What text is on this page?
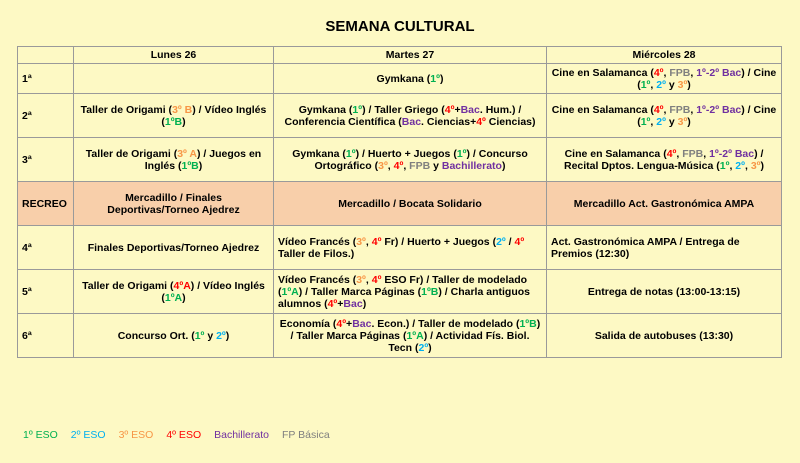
SEMANA CULTURAL
	Lunes 26	Martes 27	Miércoles 28
1ª		Gymkana (1º)	Cine en Salamanca (4º, FPB, 1º-2º Bac) / Cine (1º, 2º y 3º)
2ª	Taller de Origami (3º B) / Vídeo Inglés (1ºB)	Gymkana (1º) / Taller Griego (4º+Bac. Hum.) / Conferencia Científica (Bac. Ciencias+4º Ciencias)	Cine en Salamanca (4º, FPB, 1º-2º Bac) / Cine (1º, 2º y 3º)
3ª	Taller de Origami (3º A) / Juegos en Inglés (1ºB)	Gymkana (1º) / Huerto + Juegos (1º) / Concurso Ortográfico (3º, 4º, FPB y Bachillerato)	Cine en Salamanca (4º, FPB, 1º-2º Bac) / Recital Dptos. Lengua-Música (1º, 2º, 3º)
RECREO	Mercadillo / Finales Deportivas/Torneo Ajedrez	Mercadillo / Bocata Solidario	Mercadillo Act. Gastronómica AMPA
4ª	Finales Deportivas/Torneo Ajedrez	Vídeo Francés (3º, 4º Fr) / Huerto + Juegos (2º / 4º Taller de Filos.)	Act. Gastronómica AMPA / Entrega de Premios (12:30)
5ª	Taller de Origami (4ºA) / Vídeo Inglés (1ºA)	Vídeo Francés (3º, 4º ESO Fr) / Taller de modelado (1ºA) / Taller Marca Páginas (1ºB) / Charla antiguos alumnos (4º+Bac)	Entrega de notas (13:00-13:15)
6ª	Concurso Ort. (1º y 2º)	Economía (4º+Bac. Econ.) / Taller de modelado (1ºB) / Taller Marca Páginas (1ºA) / Actividad Fís. Biol. Tecn (2º)	Salida de autobuses (13:30)
1º ESO 2º ESO 3º ESO 4º ESO Bachillerato FP Básica
